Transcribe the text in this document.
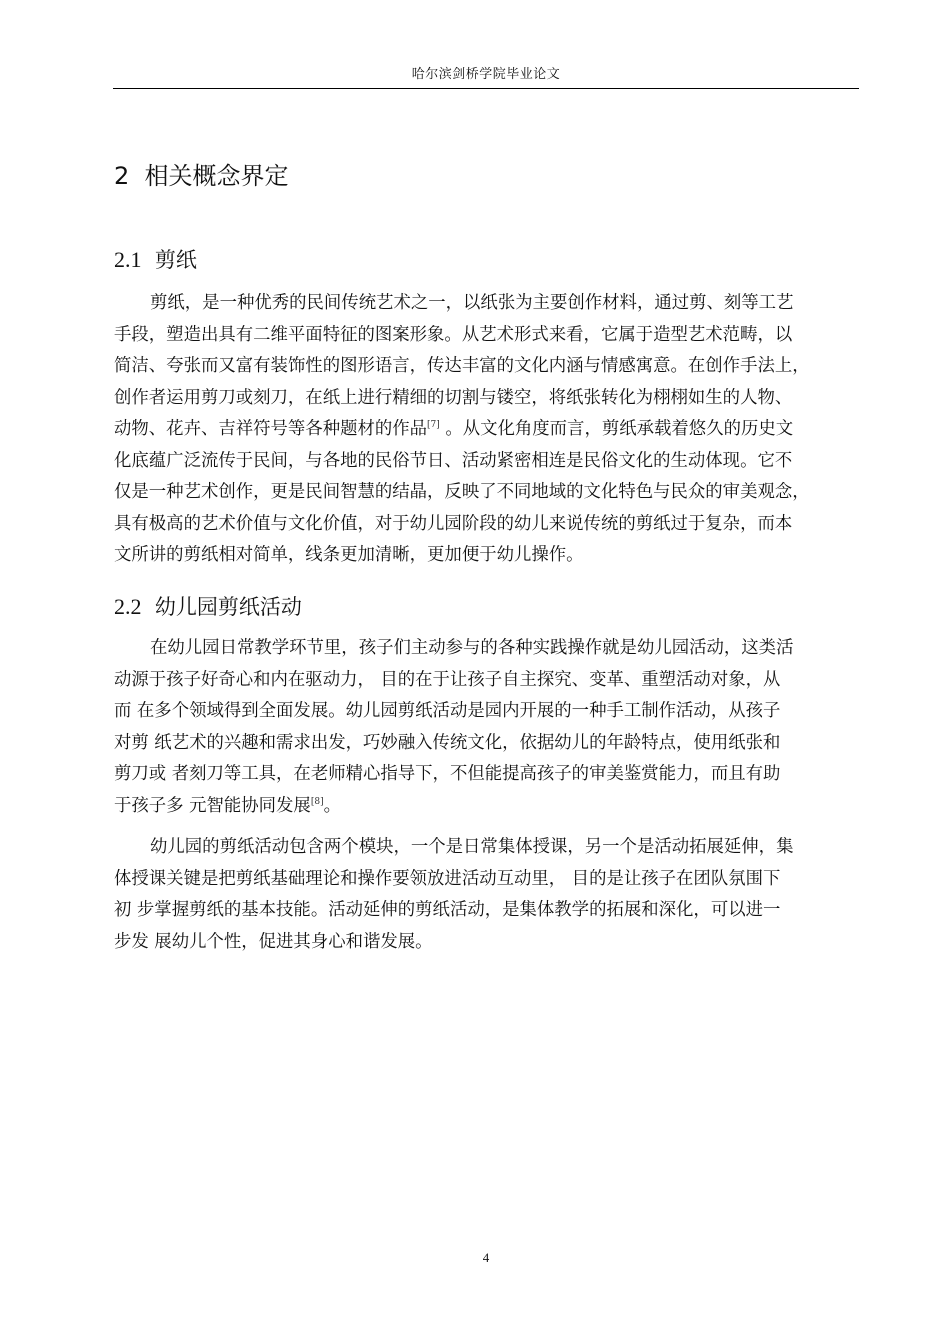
哈尔滨剑桥学院毕业论文
2 相关概念界定
2.1 剪纸
剪纸，是一种优秀的民间传统艺术之一，以纸张为主要创作材料，通过剪、刻等工艺
手段，塑造出具有二维平面特征的图案形象。从艺术形式来看，它属于造型艺术范畴，以
简洁、夸张而又富有装饰性的图形语言，传达丰富的文化内涵与情感寓意。在创作手法上，
创作者运用剪刀或刻刀，在纸上进行精细的切割与镂空，将纸张转化为栩栩如生的人物、
动物、花卉、吉祥符号等各种题材的作品[7] 。从文化角度而言，剪纸承载着悠久的历史文
化底蕴广泛流传于民间，与各地的民俗节日、活动紧密相连是民俗文化的生动体现。它不
仅是一种艺术创作，更是民间智慧的结晶，反映了不同地域的文化特色与民众的审美观念，
具有极高的艺术价值与文化价值，对于幼儿园阶段的幼儿来说传统的剪纸过于复杂，而本
文所讲的剪纸相对简单，线条更加清晰，更加便于幼儿操作。
2.2 幼儿园剪纸活动
在幼儿园日常教学环节里，孩子们主动参与的各种实践操作就是幼儿园活动，这类活
动源于孩子好奇心和内在驱动力， 目的在于让孩子自主探究、变革、重塑活动对象，从
而 在多个领域得到全面发展。幼儿园剪纸活动是园内开展的一种手工制作活动，从孩子
对剪 纸艺术的兴趣和需求出发，巧妙融入传统文化，依据幼儿的年龄特点，使用纸张和
剪刀或 者刻刀等工具，在老师精心指导下，不但能提高孩子的审美鉴赏能力，而且有助
于孩子多 元智能协同发展[8]。
幼儿园的剪纸活动包含两个模块，一个是日常集体授课，另一个是活动拓展延伸，集
体授课关键是把剪纸基础理论和操作要领放进活动互动里， 目的是让孩子在团队氛围下
初 步掌握剪纸的基本技能。活动延伸的剪纸活动，是集体教学的拓展和深化，可以进一
步发 展幼儿个性，促进其身心和谐发展。
4
